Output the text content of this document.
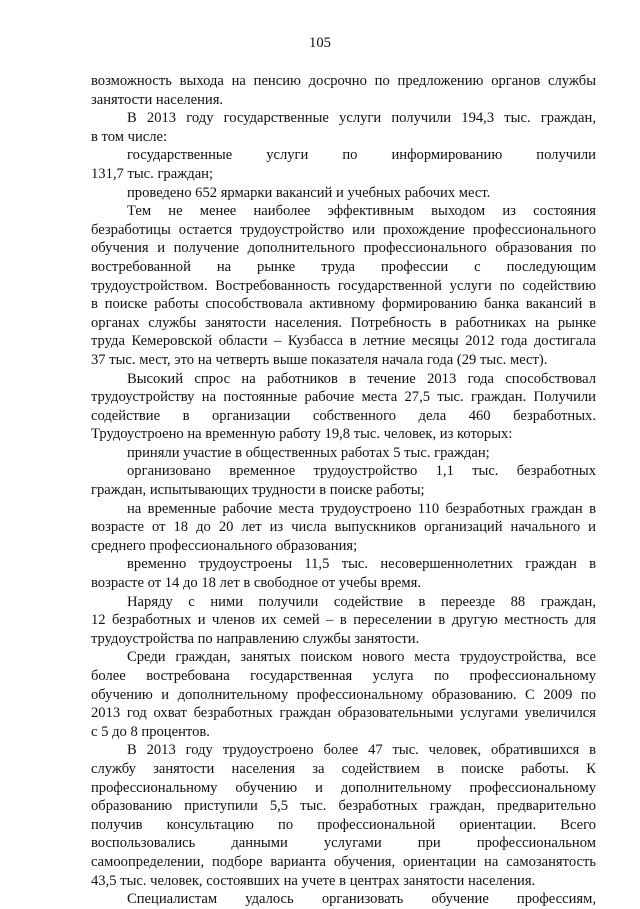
105
возможность выхода на пенсию досрочно по предложению органов службы
занятости населения.
В 2013 году государственные услуги получили 194,3 тыс. граждан,
в том числе:
государственные услуги по информированию получили
131,7 тыс. граждан;
проведено 652 ярмарки вакансий и учебных рабочих мест.
Тем не менее наиболее эффективным выходом из состояния
безработицы остается трудоустройство или прохождение профессионального
обучения и получение дополнительного профессионального образования по
востребованной на рынке труда профессии с последующим
трудоустройством. Востребованность государственной услуги по содействию
в поиске работы способствовала активному формированию банка вакансий в
органах службы занятости населения. Потребность в работниках на рынке
труда Кемеровской области – Кузбасса в летние месяцы 2012 года достигала
37 тыс. мест, это на четверть выше показателя начала года (29 тыс. мест).
Высокий спрос на работников в течение 2013 года способствовал
трудоустройству на постоянные рабочие места 27,5 тыс. граждан. Получили
содействие в организации собственного дела 460 безработных.
Трудоустроено на временную работу 19,8 тыс. человек, из которых:
приняли участие в общественных работах 5 тыс. граждан;
организовано временное трудоустройство 1,1 тыс. безработных
граждан, испытывающих трудности в поиске работы;
на временные рабочие места трудоустроено 110 безработных граждан в
возрасте от 18 до 20 лет из числа выпускников организаций начального и
среднего профессионального образования;
временно трудоустроены 11,5 тыс. несовершеннолетних граждан в
возрасте от 14 до 18 лет в свободное от учебы время.
Наряду с ними получили содействие в переезде 88 граждан,
12 безработных и членов их семей – в переселении в другую местность для
трудоустройства по направлению службы занятости.
Среди граждан, занятых поиском нового места трудоустройства, все
более востребована государственная услуга по профессиональному
обучению и дополнительному профессиональному образованию. С 2009 по
2013 год охват безработных граждан образовательными услугами увеличился
с 5 до 8 процентов.
В 2013 году трудоустроено более 47 тыс. человек, обратившихся в
службу занятости населения за содействием в поиске работы. К
профессиональному обучению и дополнительному профессиональному
образованию приступили 5,5 тыс. безработных граждан, предварительно
получив консультацию по профессиональной ориентации. Всего
воспользовались данными услугами при профессиональном
самоопределении, подборе варианта обучения, ориентации на самозанятость
43,5 тыс. человек, состоявших на учете в центрах занятости населения.
Специалистам удалось организовать обучение профессиям,
